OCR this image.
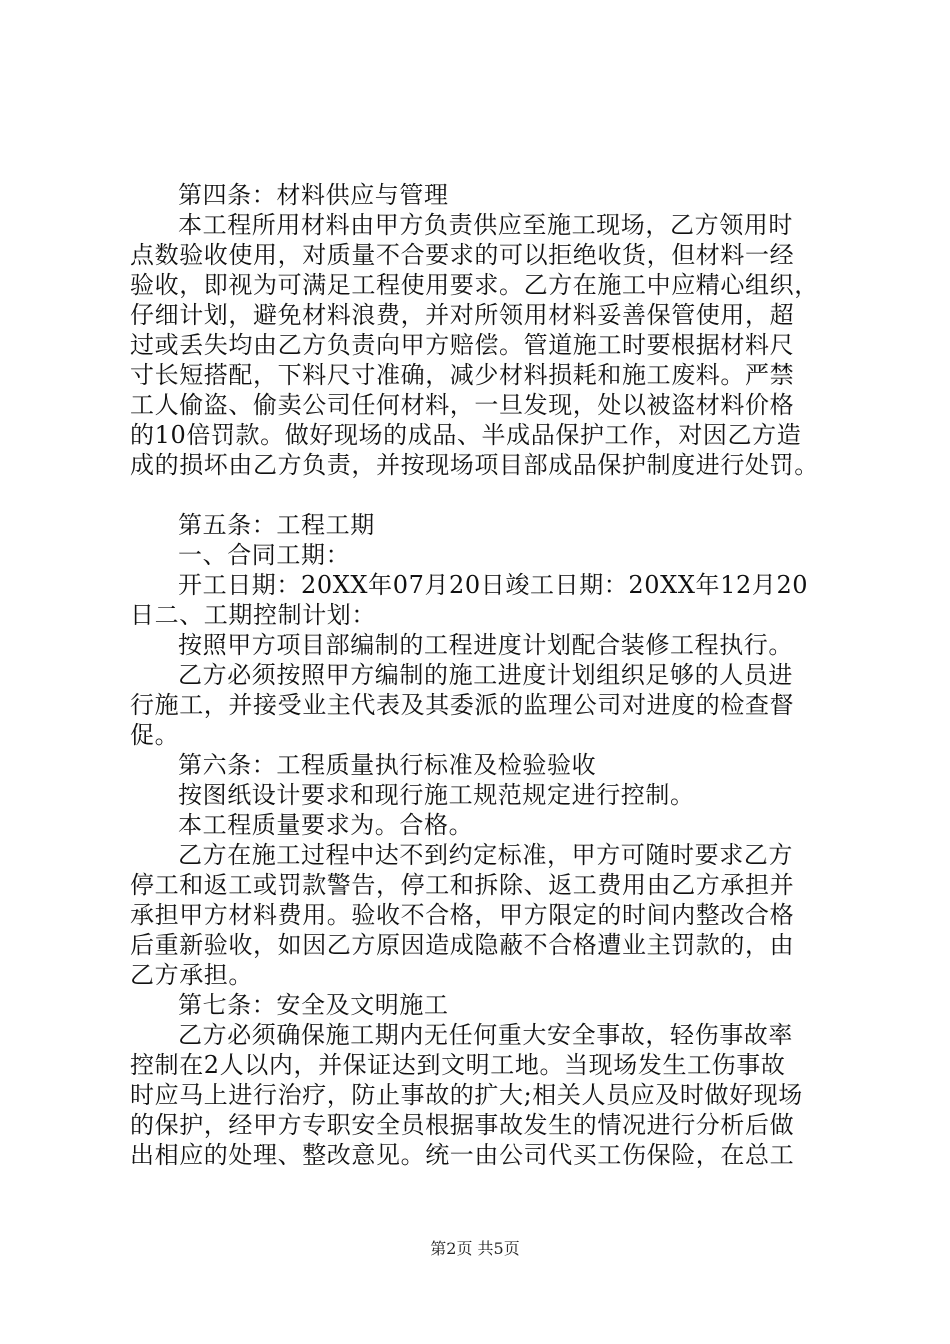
第四条：材料供应与管理
本工程所用材料由甲方负责供应至施工现场，乙方领用时
点数验收使用，对质量不合要求的可以拒绝收货，但材料一经
验收，即视为可满足工程使用要求。乙方在施工中应精心组织，
仔细计划，避免材料浪费，并对所领用材料妥善保管使用，超
过或丢失均由乙方负责向甲方赔偿。管道施工时要根据材料尺
寸长短搭配，下料尺寸准确，减少材料损耗和施工废料。严禁
工人偷盗、偷卖公司任何材料，一旦发现，处以被盗材料价格
的10倍罚款。做好现场的成品、半成品保护工作，对因乙方造
成的损坏由乙方负责，并按现场项目部成品保护制度进行处罚。
第五条：工程工期
一、合同工期：
开工日期：20XX年07月20日竣工日期：20XX年12月20
日二、工期控制计划：
按照甲方项目部编制的工程进度计划配合装修工程执行。
乙方必须按照甲方编制的施工进度计划组织足够的人员进
行施工，并接受业主代表及其委派的监理公司对进度的检查督
促。
第六条：工程质量执行标准及检验验收
按图纸设计要求和现行施工规范规定进行控制。
本工程质量要求为。合格。
乙方在施工过程中达不到约定标准，甲方可随时要求乙方
停工和返工或罚款警告，停工和拆除、返工费用由乙方承担并
承担甲方材料费用。验收不合格，甲方限定的时间内整改合格
后重新验收，如因乙方原因造成隐蔽不合格遭业主罚款的，由
乙方承担。
第七条：安全及文明施工
乙方必须确保施工期内无任何重大安全事故，轻伤事故率
控制在2人以内，并保证达到文明工地。当现场发生工伤事故
时应马上进行治疗，防止事故的扩大;相关人员应及时做好现场
的保护，经甲方专职安全员根据事故发生的情况进行分析后做
出相应的处理、整改意见。统一由公司代买工伤保险，在总工
第2页 共5页
